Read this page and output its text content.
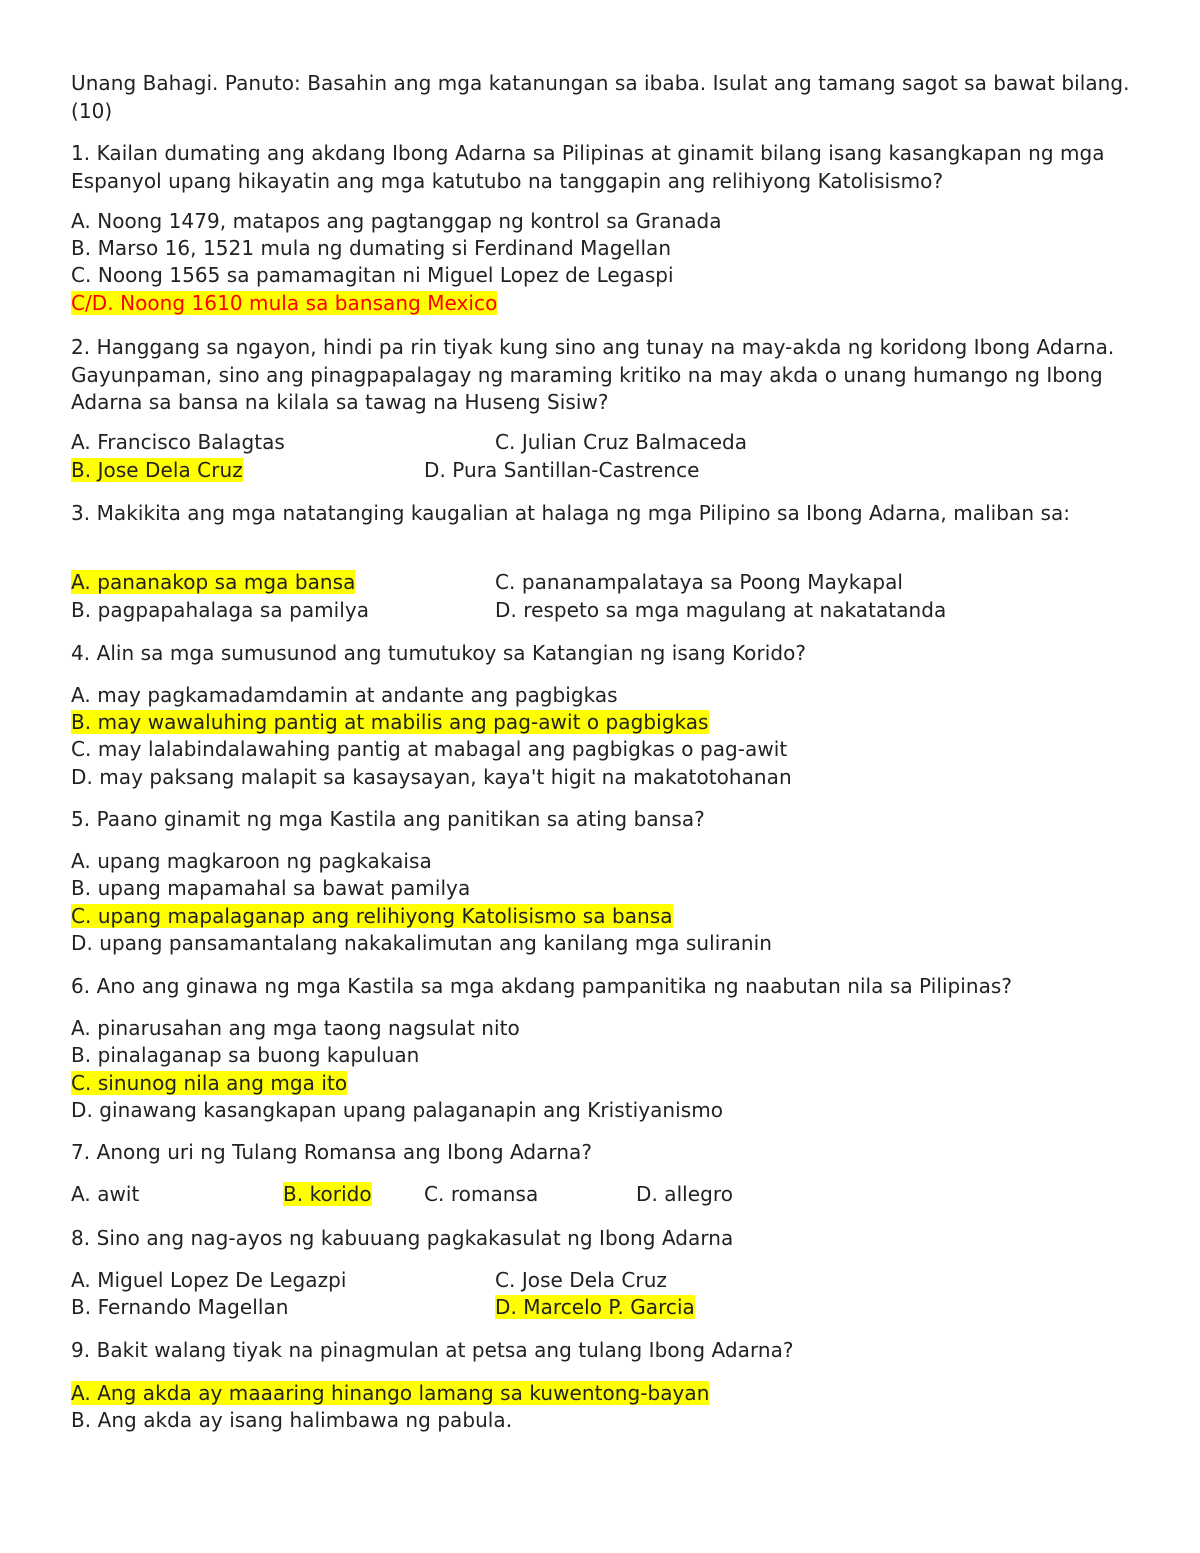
Unang Bahagi. Panuto: Basahin ang mga katanungan sa ibaba. Isulat ang tamang sagot sa bawat bilang. (10)

1. Kailan dumating ang akdang Ibong Adarna sa Pilipinas at ginamit bilang isang kasangkapan ng mga Espanyol upang hikayatin ang mga katutubo na tanggapin ang relihiyong Katolisismo?

A. Noong 1479, matapos ang pagtanggap ng kontrol sa Granada
B. Marso 16, 1521 mula ng dumating si Ferdinand Magellan
C. Noong 1565 sa pamamagitan ni Miguel Lopez de Legaspi
C/D. Noong 1610 mula sa bansang Mexico

2. Hanggang sa ngayon, hindi pa rin tiyak kung sino ang tunay na may-akda ng koridong Ibong Adarna. Gayunpaman, sino ang pinagpapalagay ng maraming kritiko na may akda o unang humango ng Ibong Adarna sa bansa na kilala sa tawag na Huseng Sisiw?

A. Francisco Balagtas	C. Julian Cruz Balmaceda
B. Jose Dela Cruz	D. Pura Santillan-Castrence

3. Makikita ang mga natatanging kaugalian at halaga ng mga Pilipino sa Ibong Adarna, maliban sa:

A. pananakop sa mga bansa	C. pananampalataya sa Poong Maykapal
B. pagpapahalaga sa pamilya	D. respeto sa mga magulang at nakatatanda
4. Alin sa mga sumusunod ang tumutukoy sa Katangian ng isang Korido?
A. may pagkamadamdamin at andante ang pagbigkas
B. may wawaluhing pantig at mabilis ang pag-awit o pagbigkas
C. may lalabindalawahing pantig at mabagal ang pagbigkas o pag-awit
D. may paksang malapit sa kasaysayan, kaya't higit na makatotohanan
5. Paano ginamit ng mga Kastila ang panitikan sa ating bansa?
A. upang magkaroon ng pagkakaisa
B. upang mapamahal sa bawat pamilya
C. upang mapalaganap ang relihiyong Katolisismo sa bansa
D. upang pansamantalang nakakalimutan ang kanilang mga suliranin
6. Ano ang ginawa ng mga Kastila sa mga akdang pampanitika ng naabutan nila sa Pilipinas?
A. pinarusahan ang mga taong nagsulat nito
B. pinalaganap sa buong kapuluan
C. sinunog nila ang mga ito
D. ginawang kasangkapan upang palaganapin ang Kristiyanismo
7. Anong uri ng Tulang Romansa ang Ibong Adarna?
A. awit	B. korido	C. romansa	D. allegro
8. Sino ang nag-ayos ng kabuuang pagkakasulat ng Ibong Adarna
A. Miguel Lopez De Legazpi	C. Jose Dela Cruz
B. Fernando Magellan	D. Marcelo P. Garcia
9. Bakit walang tiyak na pinagmulan at petsa ang tulang Ibong Adarna?
A. Ang akda ay maaaring hinango lamang sa kuwentong-bayan
B. Ang akda ay isang halimbawa ng pabula.
